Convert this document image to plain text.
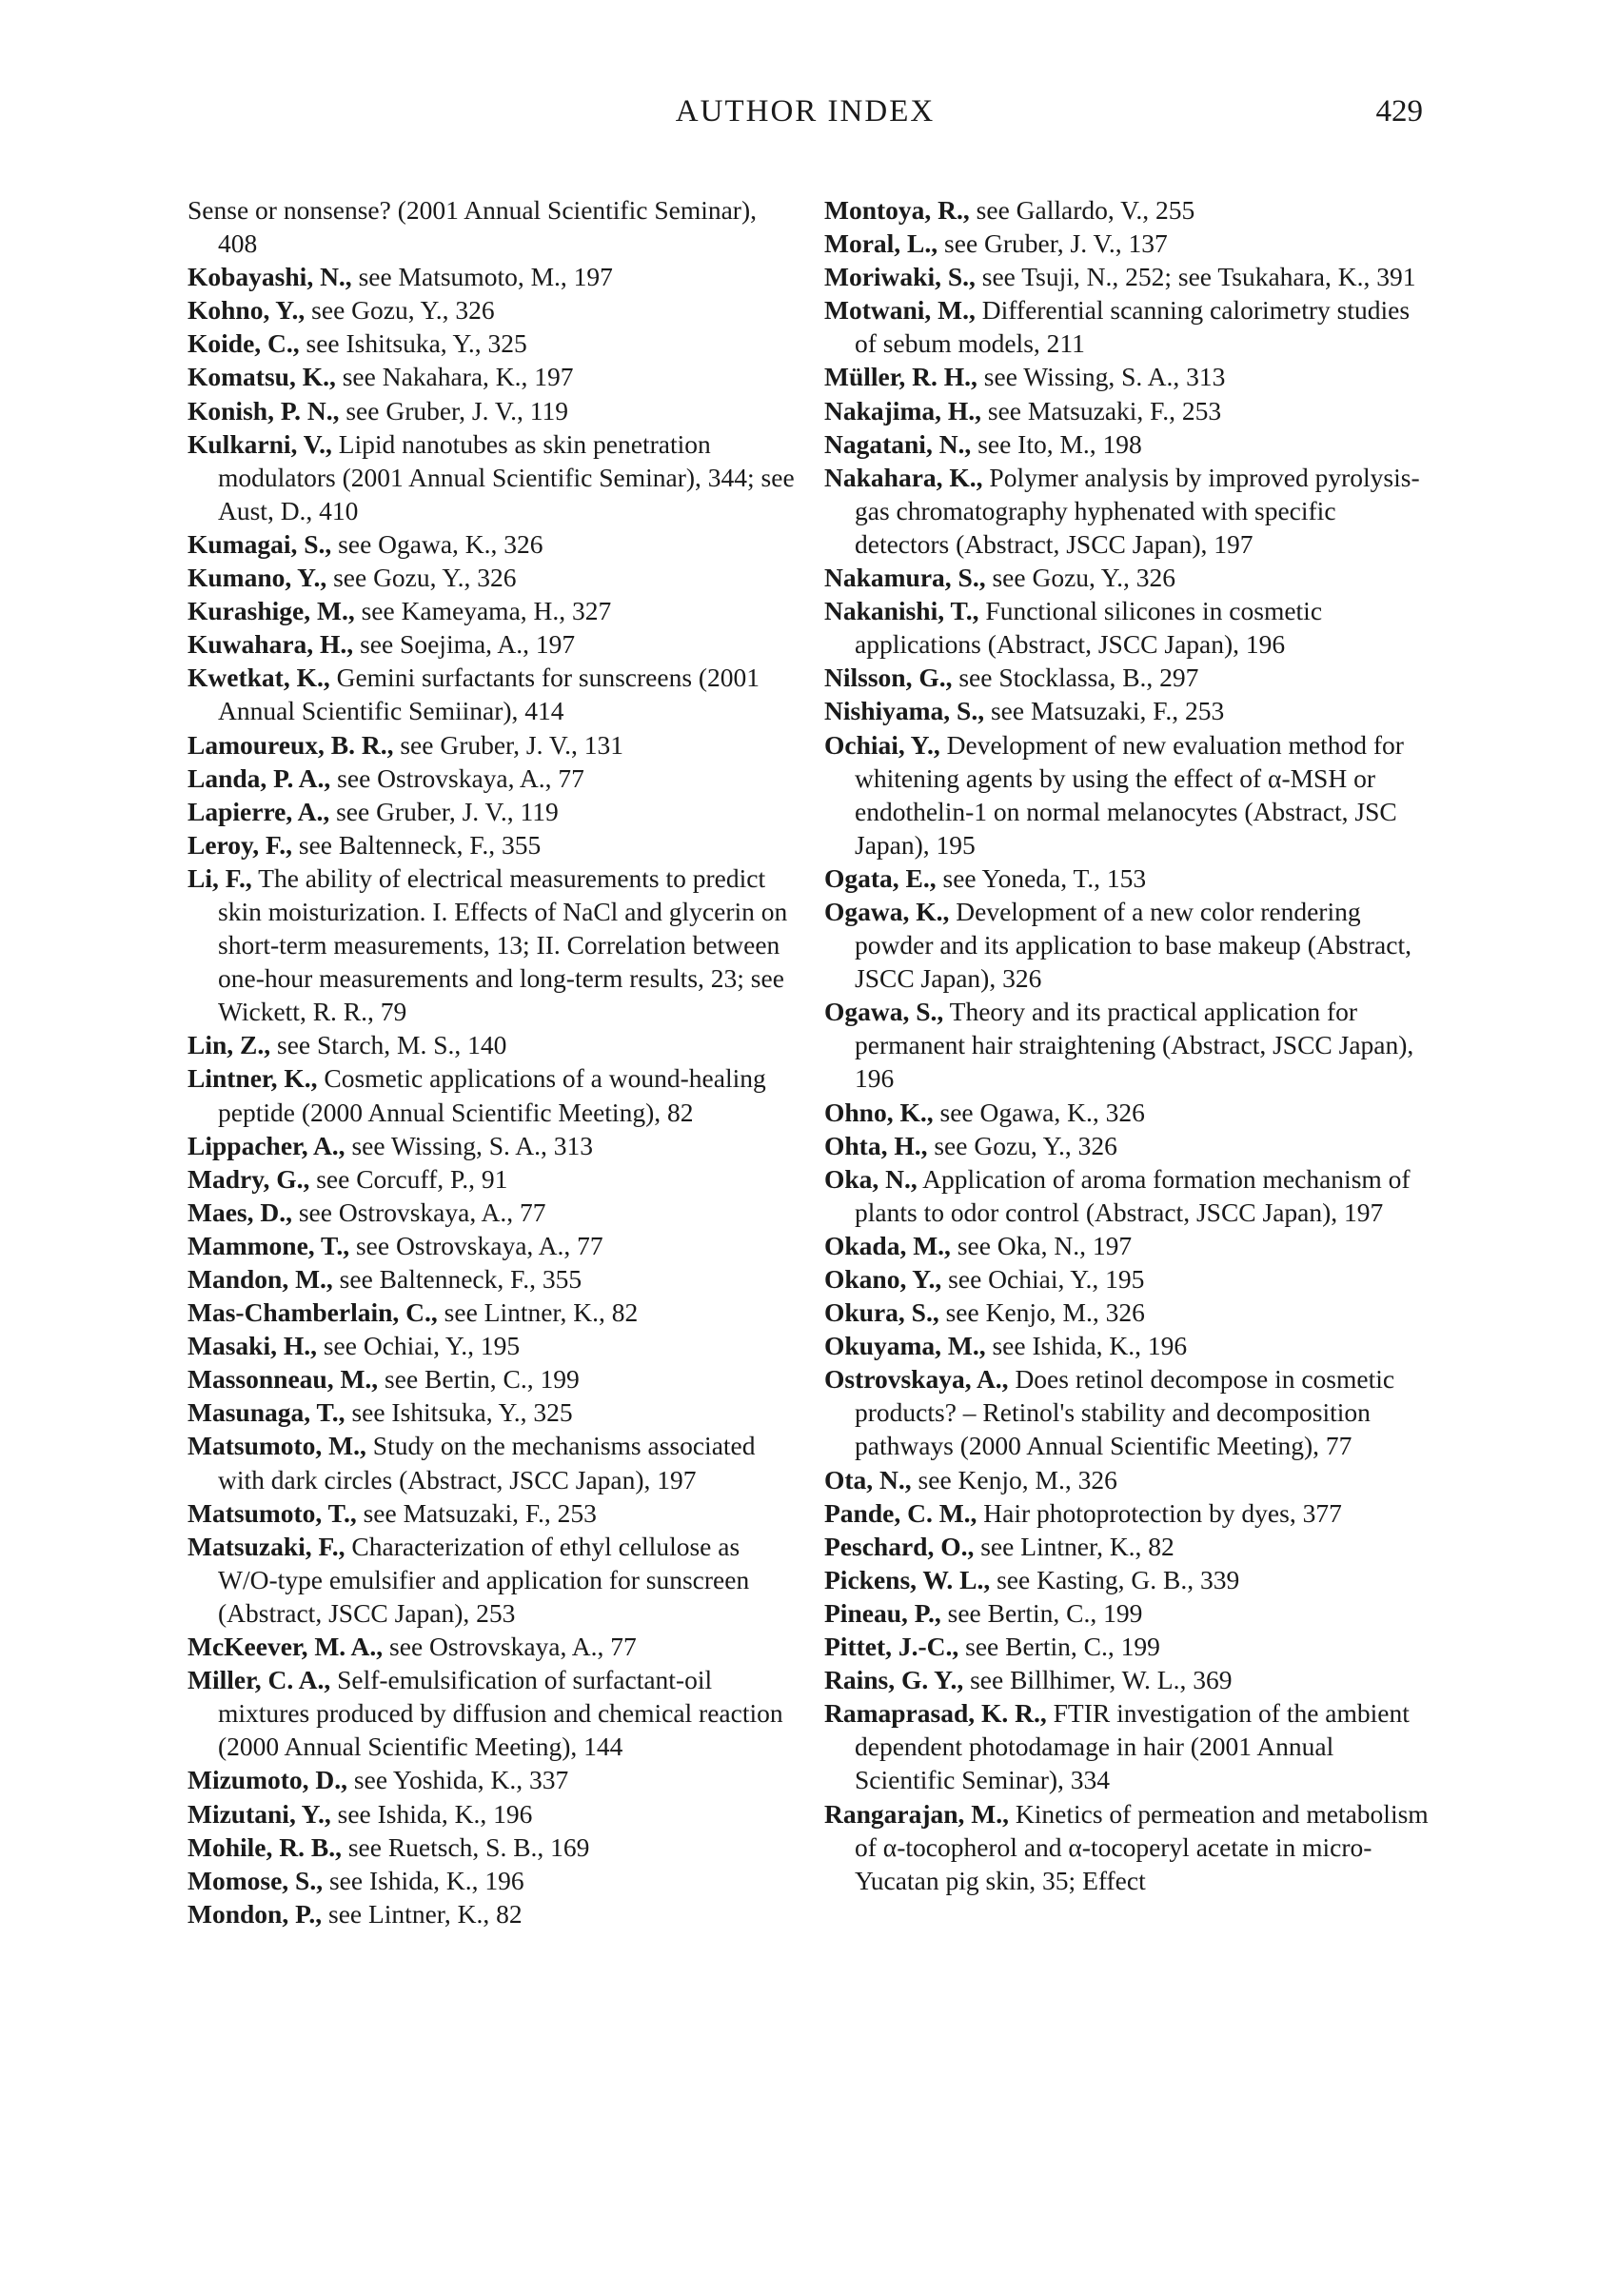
AUTHOR INDEX	429
Sense or nonsense? (2001 Annual Scientific Seminar), 408
Kobayashi, N., see Matsumoto, M., 197
Kohno, Y., see Gozu, Y., 326
Koide, C., see Ishitsuka, Y., 325
Komatsu, K., see Nakahara, K., 197
Konish, P. N., see Gruber, J. V., 119
Kulkarni, V., Lipid nanotubes as skin penetration modulators (2001 Annual Scientific Seminar), 344; see Aust, D., 410
Kumagai, S., see Ogawa, K., 326
Kumano, Y., see Gozu, Y., 326
Kurashige, M., see Kameyama, H., 327
Kuwahara, H., see Soejima, A., 197
Kwetkat, K., Gemini surfactants for sunscreens (2001 Annual Scientific Semiinar), 414
Lamoureux, B. R., see Gruber, J. V., 131
Landa, P. A., see Ostrovskaya, A., 77
Lapierre, A., see Gruber, J. V., 119
Leroy, F., see Baltenneck, F., 355
Li, F., The ability of electrical measurements to predict skin moisturization. I. Effects of NaCl and glycerin on short-term measurements, 13; II. Correlation between one-hour measurements and long-term results, 23; see Wickett, R. R., 79
Lin, Z., see Starch, M. S., 140
Lintner, K., Cosmetic applications of a wound-healing peptide (2000 Annual Scientific Meeting), 82
Lippacher, A., see Wissing, S. A., 313
Madry, G., see Corcuff, P., 91
Maes, D., see Ostrovskaya, A., 77
Mammone, T., see Ostrovskaya, A., 77
Mandon, M., see Baltenneck, F., 355
Mas-Chamberlain, C., see Lintner, K., 82
Masaki, H., see Ochiai, Y., 195
Massonneau, M., see Bertin, C., 199
Masunaga, T., see Ishitsuka, Y., 325
Matsumoto, M., Study on the mechanisms associated with dark circles (Abstract, JSCC Japan), 197
Matsumoto, T., see Matsuzaki, F., 253
Matsuzaki, F., Characterization of ethyl cellulose as W/O-type emulsifier and application for sunscreen (Abstract, JSCC Japan), 253
McKeever, M. A., see Ostrovskaya, A., 77
Miller, C. A., Self-emulsification of surfactant-oil mixtures produced by diffusion and chemical reaction (2000 Annual Scientific Meeting), 144
Mizumoto, D., see Yoshida, K., 337
Mizutani, Y., see Ishida, K., 196
Mohile, R. B., see Ruetsch, S. B., 169
Momose, S., see Ishida, K., 196
Mondon, P., see Lintner, K., 82
Montoya, R., see Gallardo, V., 255
Moral, L., see Gruber, J. V., 137
Moriwaki, S., see Tsuji, N., 252; see Tsukahara, K., 391
Motwani, M., Differential scanning calorimetry studies of sebum models, 211
Müller, R. H., see Wissing, S. A., 313
Nakajima, H., see Matsuzaki, F., 253
Nagatani, N., see Ito, M., 198
Nakahara, K., Polymer analysis by improved pyrolysis-gas chromatography hyphenated with specific detectors (Abstract, JSCC Japan), 197
Nakamura, S., see Gozu, Y., 326
Nakanishi, T., Functional silicones in cosmetic applications (Abstract, JSCC Japan), 196
Nilsson, G., see Stocklassa, B., 297
Nishiyama, S., see Matsuzaki, F., 253
Ochiai, Y., Development of new evaluation method for whitening agents by using the effect of α-MSH or endothelin-1 on normal melanocytes (Abstract, JSC Japan), 195
Ogata, E., see Yoneda, T., 153
Ogawa, K., Development of a new color rendering powder and its application to base makeup (Abstract, JSCC Japan), 326
Ogawa, S., Theory and its practical application for permanent hair straightening (Abstract, JSCC Japan), 196
Ohno, K., see Ogawa, K., 326
Ohta, H., see Gozu, Y., 326
Oka, N., Application of aroma formation mechanism of plants to odor control (Abstract, JSCC Japan), 197
Okada, M., see Oka, N., 197
Okano, Y., see Ochiai, Y., 195
Okura, S., see Kenjo, M., 326
Okuyama, M., see Ishida, K., 196
Ostrovskaya, A., Does retinol decompose in cosmetic products? – Retinol's stability and decomposition pathways (2000 Annual Scientific Meeting), 77
Ota, N., see Kenjo, M., 326
Pande, C. M., Hair photoprotection by dyes, 377
Peschard, O., see Lintner, K., 82
Pickens, W. L., see Kasting, G. B., 339
Pineau, P., see Bertin, C., 199
Pittet, J.-C., see Bertin, C., 199
Rains, G. Y., see Billhimer, W. L., 369
Ramaprasad, K. R., FTIR investigation of the ambient dependent photodamage in hair (2001 Annual Scientific Seminar), 334
Rangarajan, M., Kinetics of permeation and metabolism of α-tocopherol and α-tocoperyl acetate in micro-Yucatan pig skin, 35; Effect
